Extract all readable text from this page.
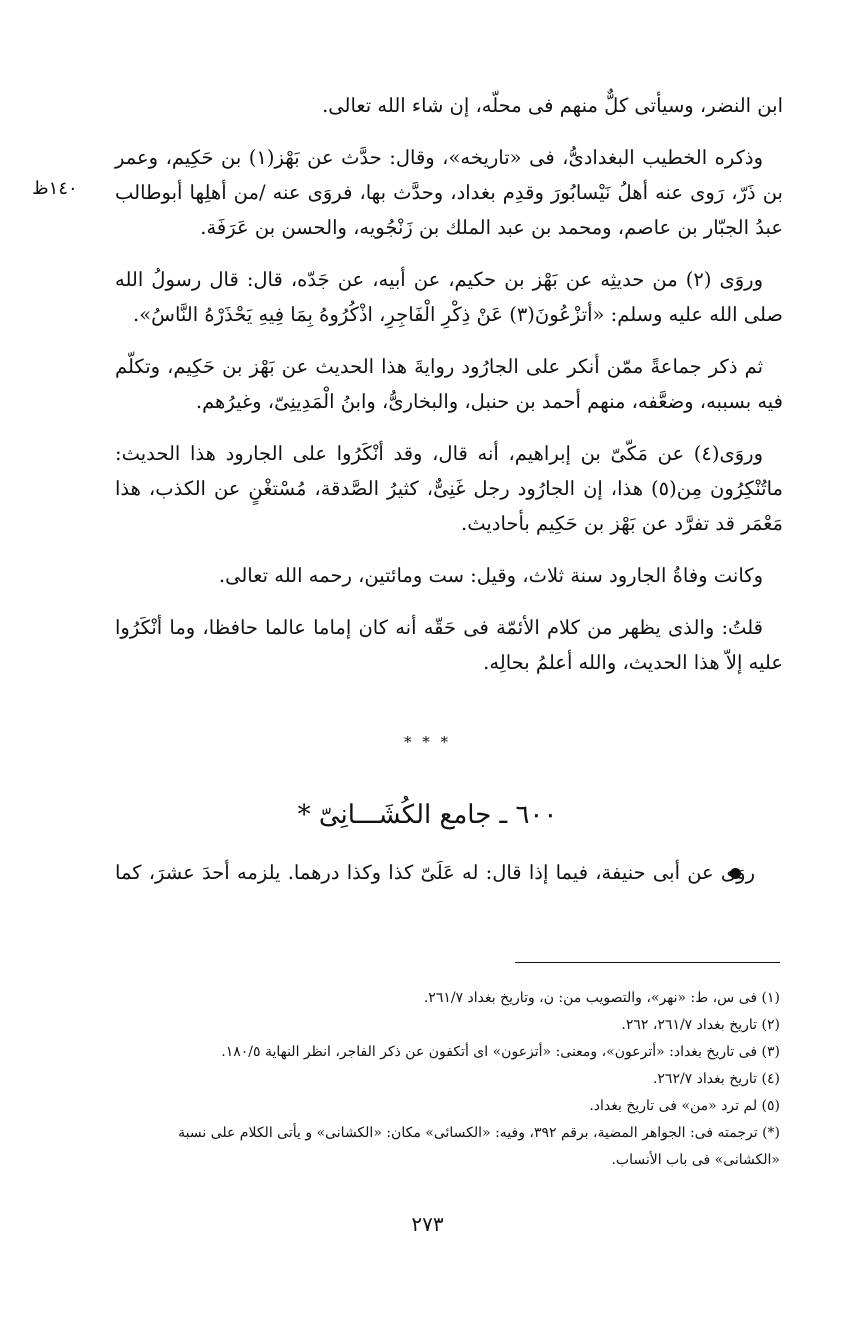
١٤٠ظ

ابن النضر، وسيأتى كلٌّ منهم فى محلّه، إن شاء الله تعالى.

وذكره الخطيب البغدادىُّ، فى «تاريخه»، وقال: حدَّث عن بَهْز(١) بن حَكِيم، وعمر بن ذَرّ، رَوى عنه أهلُ نَيْسابُورَ وقدِم بغداد، وحدَّث بها، فروَى عنه /من أهلِها أبوطالب عبدُ الجبّار بن عاصم، ومحمد بن عبد الملك بن زَنْجُويه، والحسن بن عَرَفَة.

وروَى (٢) من حديثِه عن بَهْز بن حكيم، عن أبيه، عن جَدّه، قال: قال رسولُ الله صلى الله عليه وسلم: «أتزْعُونَ(٣) عَنْ ذِكْرِ الْفَاجِرِ، اذْكُرُوهُ بِمَا فِيهِ يَحْذَرْهُ النَّاسُ».

ثم ذكر جماعةً ممّن أنكر على الجارُود روايةَ هذا الحديث عن بَهْز بن حَكِيم، وتكلّم فيه بسببه، وضعَّفه، منهم أحمد بن حنبل، والبخارىُّ، وابنُ الْمَدِينِىّ، وغيرُهم.

وروَى(٤) عن مَكّىّ بن إبراهيم، أنه قال، وقد أنْكَرُوا على الجارود هذا الحديث: ماتُنْكِرُون مِن(٥) هذا، إن الجارُود رجل غَنِىٌّ، كثيرُ الصَّدقة، مُسْتغْنٍ عن الكذب، هذا مَعْمَر قد تفرَّد عن بَهْز بن حَكِيم بأحاديث.

وكانت وفاةُ الجارود سنة ثلاث، وقيل: ست ومائتين، رحمه الله تعالى.

قلتُ: والذى يظهر من كلام الأئمّة فى حَقّه أنه كان إماما عالما حافظا، وما أنْكَرُوا عليه إلاّ هذا الحديث، والله أعلمُ بحالِه.

* * *
٦٠٠ ـ جامع الكُشَـــانِىّ *
روَى عن أبى حنيفة، فيما إذا قال: له عَلَىّ كذا وكذا درهما. يلزمه أحدَ عشرَ، كما
(١) فى س، ط: «نهر»، والتصويب من: ن، وتاريخ بغداد ٢٦١/٧.
(٢) تاريخ بغداد ٢٦١/٧، ٢٦٢.
(٣) فى تاريخ بغداد: «أترعون»، ومعنى: «أتزعون» اى أتكفون عن ذكر الفاجر، انظر النهاية ١٨٠/٥.
(٤) تاريخ بغداد ٢٦٢/٧.
(٥) لم ترد «من» فى تاريخ بغداد.
(*) ترجمته فى: الجواهر المضية، برقم ٣٩٢، وفيه: «الكسائى» مكان: «الكشانى» و يأتى الكلام على نسبة «الكشانى» فى باب الأنساب.
٢٧٣
